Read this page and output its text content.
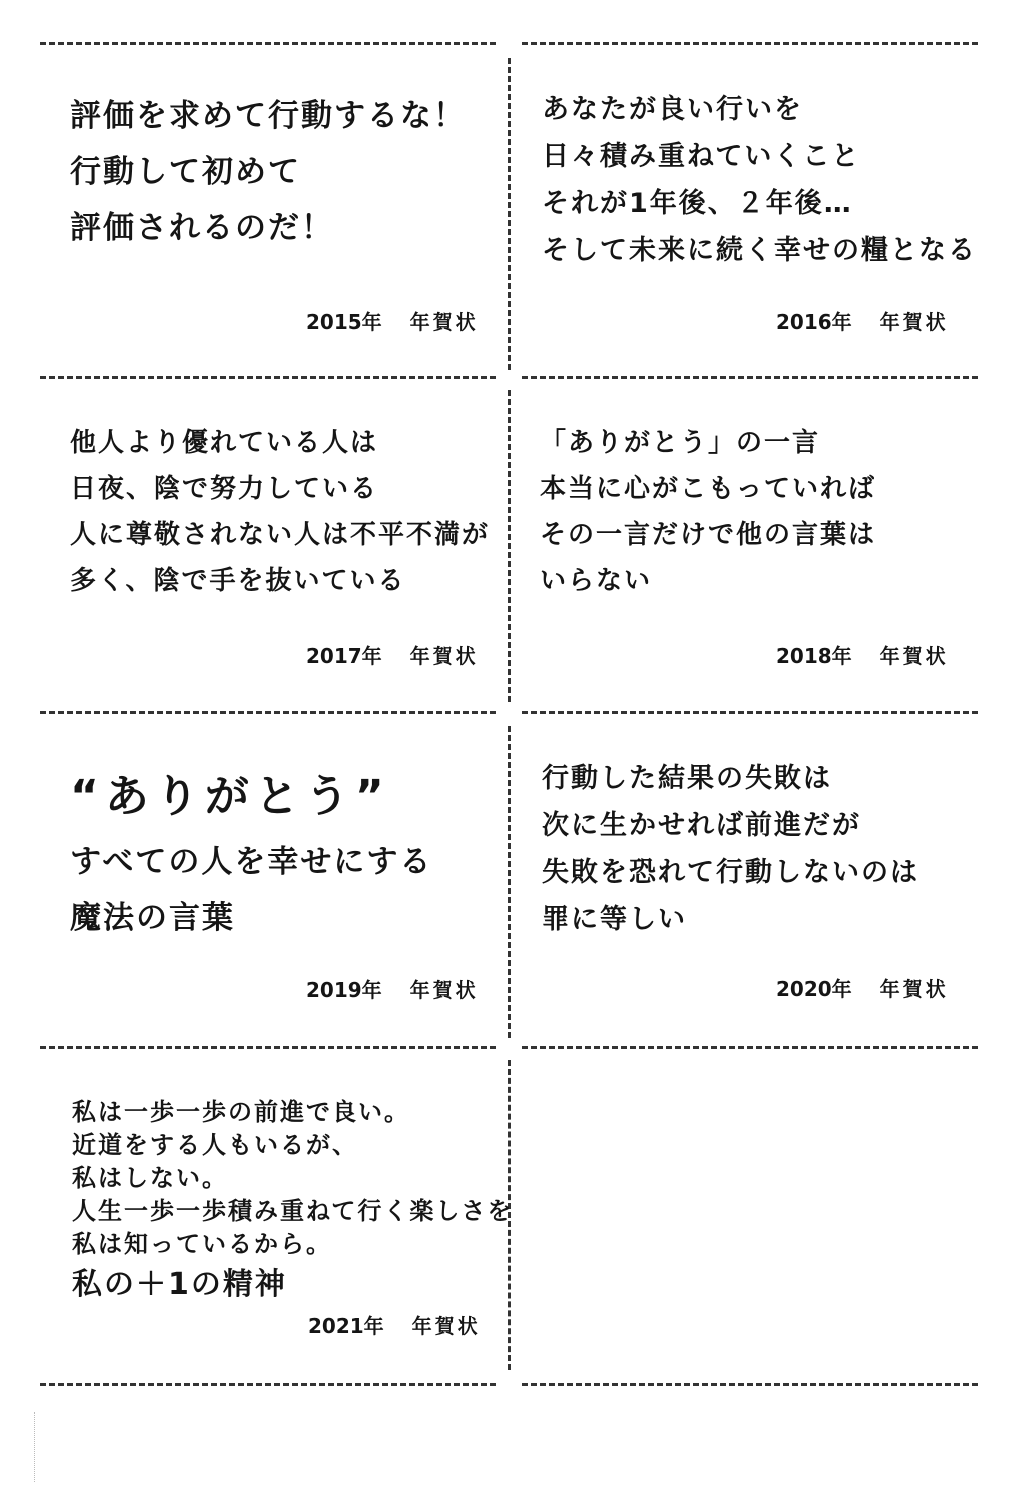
評価を求めて行動するな！
行動して初めて
評価されるのだ！
2015年 年賀状
あなたが良い行いを
日々積み重ねていくこと
それが1年後、２年後…
そして未来に続く幸せの糧となる
2016年 年賀状
他人より優れている人は
日夜、陰で努力している
人に尊敬されない人は不平不満が
多く、陰で手を抜いている
2017年 年賀状
「ありがとう」の一言
本当に心がこもっていれば
その一言だけで他の言葉は
いらない
2018年 年賀状
“ありがとう”
すべての人を幸せにする
魔法の言葉
2019年 年賀状
行動した結果の失敗は
次に生かせれば前進だが
失敗を恐れて行動しないのは
罪に等しい
2020年 年賀状
私は一歩一歩の前進で良い。
近道をする人もいるが、
私はしない。
人生一歩一歩積み重ねて行く楽しさを
私は知っているから。
私の＋1の精神
2021年 年賀状
